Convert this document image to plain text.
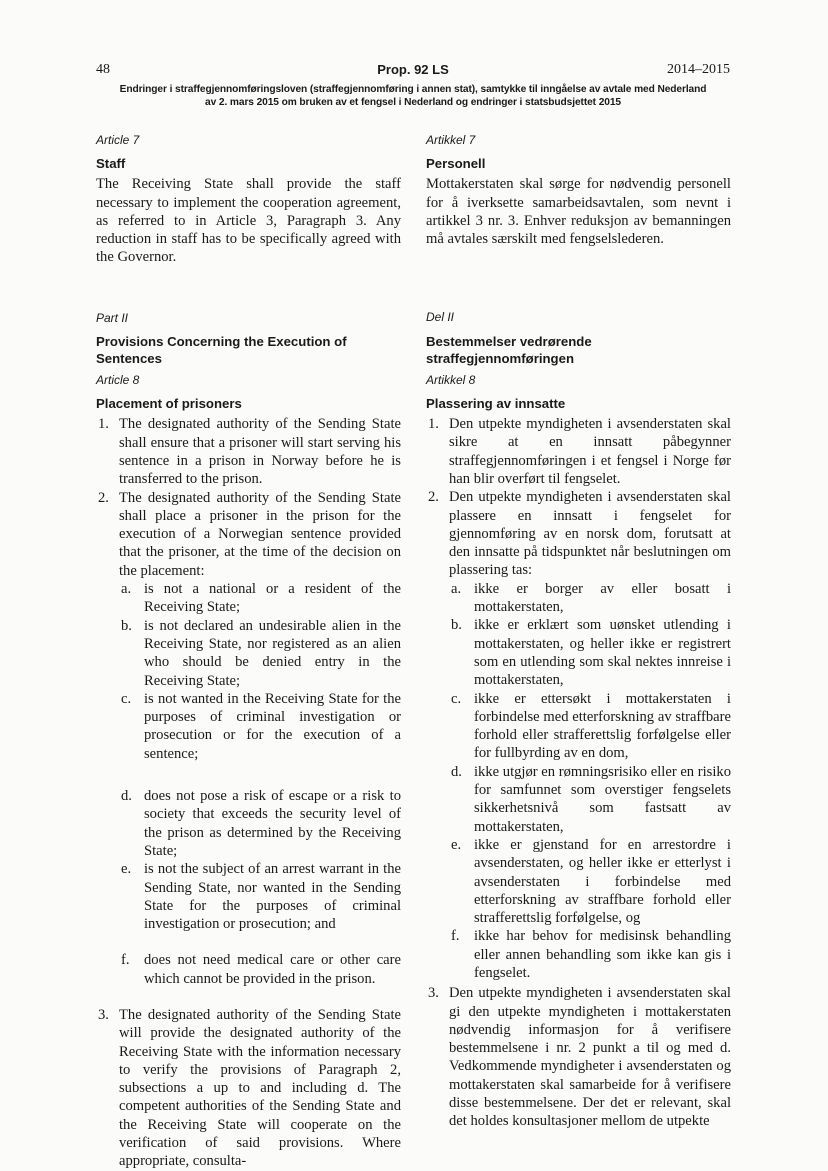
48	Prop. 92 LS	2014–2015
Endringer i straffegjennomføringsloven (straffegjennomføring i annen stat), samtykke til inngåelse av avtale med Nederland
av 2. mars 2015 om bruken av et fengsel i Nederland og endringer i statsbudsjettet 2015
Article 7
Staff

The Receiving State shall provide the staff necessary to implement the cooperation agreement, as referred to in Article 3, Paragraph 3. Any reduction in staff has to be specifically agreed with the Governor.

Part II
Provisions Concerning the Execution of Sentences
Article 8
Placement of prisoners
1. The designated authority of the Sending State shall ensure that a prisoner will start serving his sentence in a prison in Norway before he is transferred to the prison.
2. The designated authority of the Sending State shall place a prisoner in the prison for the execution of a Norwegian sentence provided that the prisoner, at the time of the decision on the placement:
a. is not a national or a resident of the Receiving State;
b. is not declared an undesirable alien in the Receiving State, nor registered as an alien who should be denied entry in the Receiving State;
c. is not wanted in the Receiving State for the purposes of criminal investigation or prosecution or for the execution of a sentence;
d. does not pose a risk of escape or a risk to society that exceeds the security level of the prison as determined by the Receiving State;
e. is not the subject of an arrest warrant in the Sending State, nor wanted in the Sending State for the purposes of criminal investigation or prosecution; and
f. does not need medical care or other care which cannot be provided in the prison.
3. The designated authority of the Sending State will provide the designated authority of the Receiving State with the information necessary to verify the provisions of Paragraph 2, subsections a up to and including d. The competent authorities of the Sending State and the Receiving State will cooperate on the verification of said provisions. Where appropriate, consulta-
Artikkel 7
Personell

Mottakerstaten skal sørge for nødvendig personell for å iverksette samarbeidsavtalen, som nevnt i artikkel 3 nr. 3. Enhver reduksjon av bemanningen må avtales særskilt med fengselslederen.

Del II
Bestemmelser vedrørende straffegjennomføringen
Artikkel 8
Plassering av innsatte
1. Den utpekte myndigheten i avsenderstaten skal sikre at en innsatt påbegynner straffegjennomføringen i et fengsel i Norge før han blir overført til fengselet.
2. Den utpekte myndigheten i avsenderstaten skal plassere en innsatt i fengselet for gjennomføring av en norsk dom, forutsatt at den innsatte på tidspunktet når beslutningen om plassering tas:
a. ikke er borger av eller bosatt i mottakerstaten,
b. ikke er erklært som uønsket utlending i mottakerstaten, og heller ikke er registrert som en utlending som skal nektes innreise i mottakerstaten,
c. ikke er ettersøkt i mottakerstaten i forbindelse med etterforskning av straffbare forhold eller strafferettslig forfølgelse eller for fullbyrding av en dom,
d. ikke utgjør en rømningsrisiko eller en risiko for samfunnet som overstiger fengselets sikkerhetsnivå som fastsatt av mottakerstaten,
e. ikke er gjenstand for en arrestordre i avsenderstaten, og heller ikke er etterlyst i avsenderstaten i forbindelse med etterforskning av straffbare forhold eller strafferettslig forfølgelse, og
f. ikke har behov for medisinsk behandling eller annen behandling som ikke kan gis i fengselet.
3. Den utpekte myndigheten i avsenderstaten skal gi den utpekte myndigheten i mottakerstaten nødvendig informasjon for å verifisere bestemmelsene i nr. 2 punkt a til og med d. Vedkommende myndigheter i avsenderstaten og mottakerstaten skal samarbeide for å verifisere disse bestemmelsene. Der det er relevant, skal det holdes konsultasjoner mellom de utpekte
